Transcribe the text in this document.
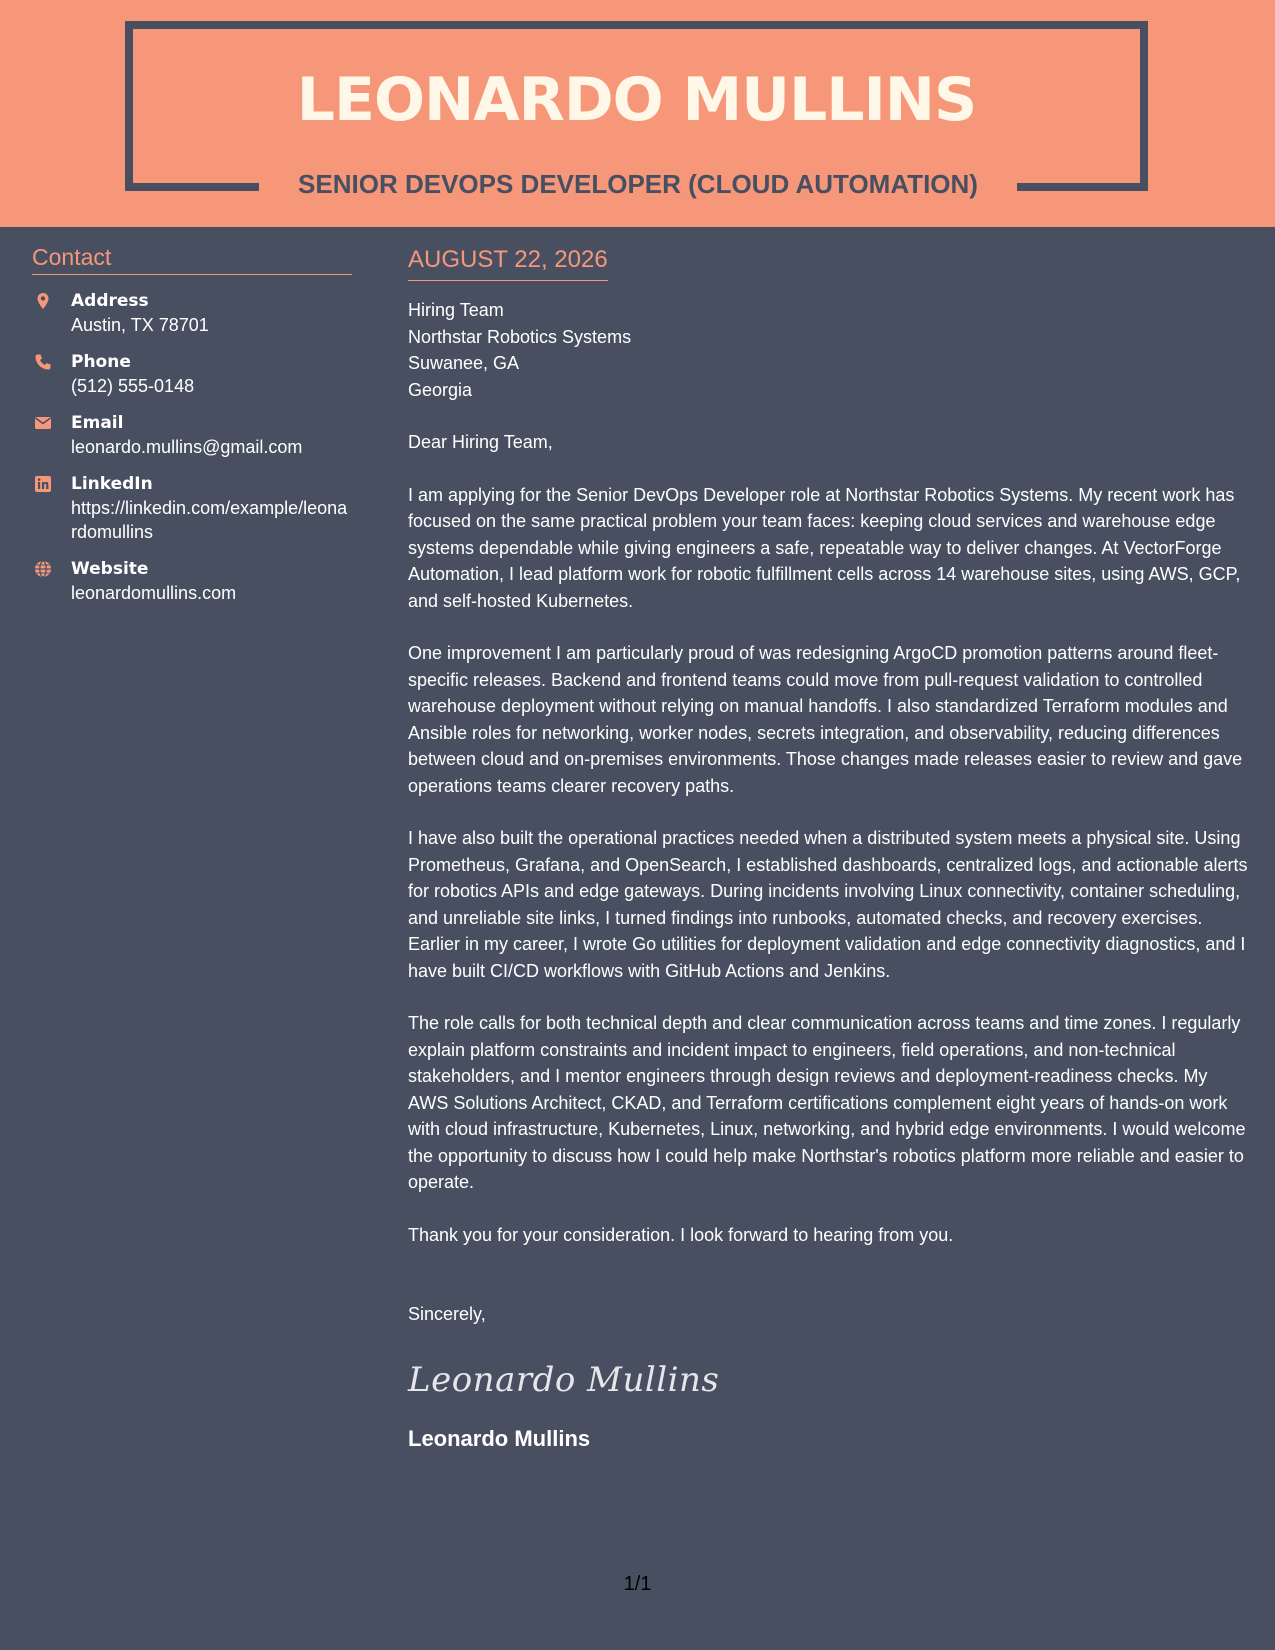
LEONARDO MULLINS
SENIOR DEVOPS DEVELOPER (CLOUD AUTOMATION)
Contact
Address
Austin, TX 78701
Phone
(512) 555-0148
Email
leonardo.mullins@gmail.com
LinkedIn
https://linkedin.com/example/leonardomullins
Website
leonardomullins.com
AUGUST 22, 2026
Hiring Team
Northstar Robotics Systems
Suwanee, GA
Georgia
Dear Hiring Team,
I am applying for the Senior DevOps Developer role at Northstar Robotics Systems. My recent work has focused on the same practical problem your team faces: keeping cloud services and warehouse edge systems dependable while giving engineers a safe, repeatable way to deliver changes. At VectorForge Automation, I lead platform work for robotic fulfillment cells across 14 warehouse sites, using AWS, GCP, and self-hosted Kubernetes.
One improvement I am particularly proud of was redesigning ArgoCD promotion patterns around fleet-specific releases. Backend and frontend teams could move from pull-request validation to controlled warehouse deployment without relying on manual handoffs. I also standardized Terraform modules and Ansible roles for networking, worker nodes, secrets integration, and observability, reducing differences between cloud and on-premises environments. Those changes made releases easier to review and gave operations teams clearer recovery paths.
I have also built the operational practices needed when a distributed system meets a physical site. Using Prometheus, Grafana, and OpenSearch, I established dashboards, centralized logs, and actionable alerts for robotics APIs and edge gateways. During incidents involving Linux connectivity, container scheduling, and unreliable site links, I turned findings into runbooks, automated checks, and recovery exercises. Earlier in my career, I wrote Go utilities for deployment validation and edge connectivity diagnostics, and I have built CI/CD workflows with GitHub Actions and Jenkins.
The role calls for both technical depth and clear communication across teams and time zones. I regularly explain platform constraints and incident impact to engineers, field operations, and non-technical stakeholders, and I mentor engineers through design reviews and deployment-readiness checks. My AWS Solutions Architect, CKAD, and Terraform certifications complement eight years of hands-on work with cloud infrastructure, Kubernetes, Linux, networking, and hybrid edge environments. I would welcome the opportunity to discuss how I could help make Northstar's robotics platform more reliable and easier to operate.
Thank you for your consideration. I look forward to hearing from you.
Sincerely,
Leonardo Mullins
Leonardo Mullins
1/1
